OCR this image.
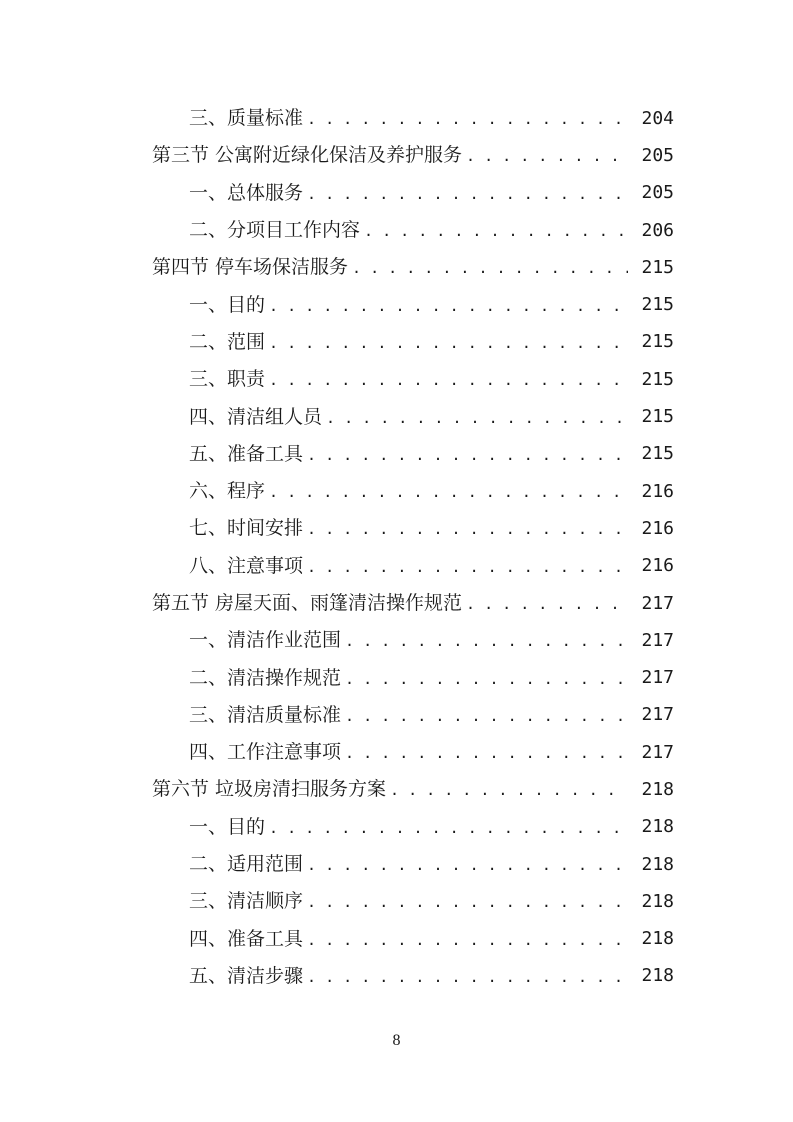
三、质量标准 . . .	204
第三节 公寓附近绿化保洁及养护服务 . . .	205
一、总体服务 . . .	205
二、分项目工作内容 . . .	206
第四节 停车场保洁服务 . . .	215
一、目的 . . .	215
二、范围 . . .	215
三、职责 . . .	215
四、清洁组人员 . . .	215
五、准备工具 . . .	215
六、程序 . . .	216
七、时间安排 . . .	216
八、注意事项 . . .	216
第五节 房屋天面、雨篷清洁操作规范 . . .	217
一、清洁作业范围 . . .	217
二、清洁操作规范 . . .	217
三、清洁质量标准 . . .	217
四、工作注意事项 . . .	217
第六节 垃圾房清扫服务方案 . . .	218
一、目的 . . .	218
二、适用范围 . . .	218
三、清洁顺序 . . .	218
四、准备工具 . . .	218
五、清洁步骤 . . .	218
8
